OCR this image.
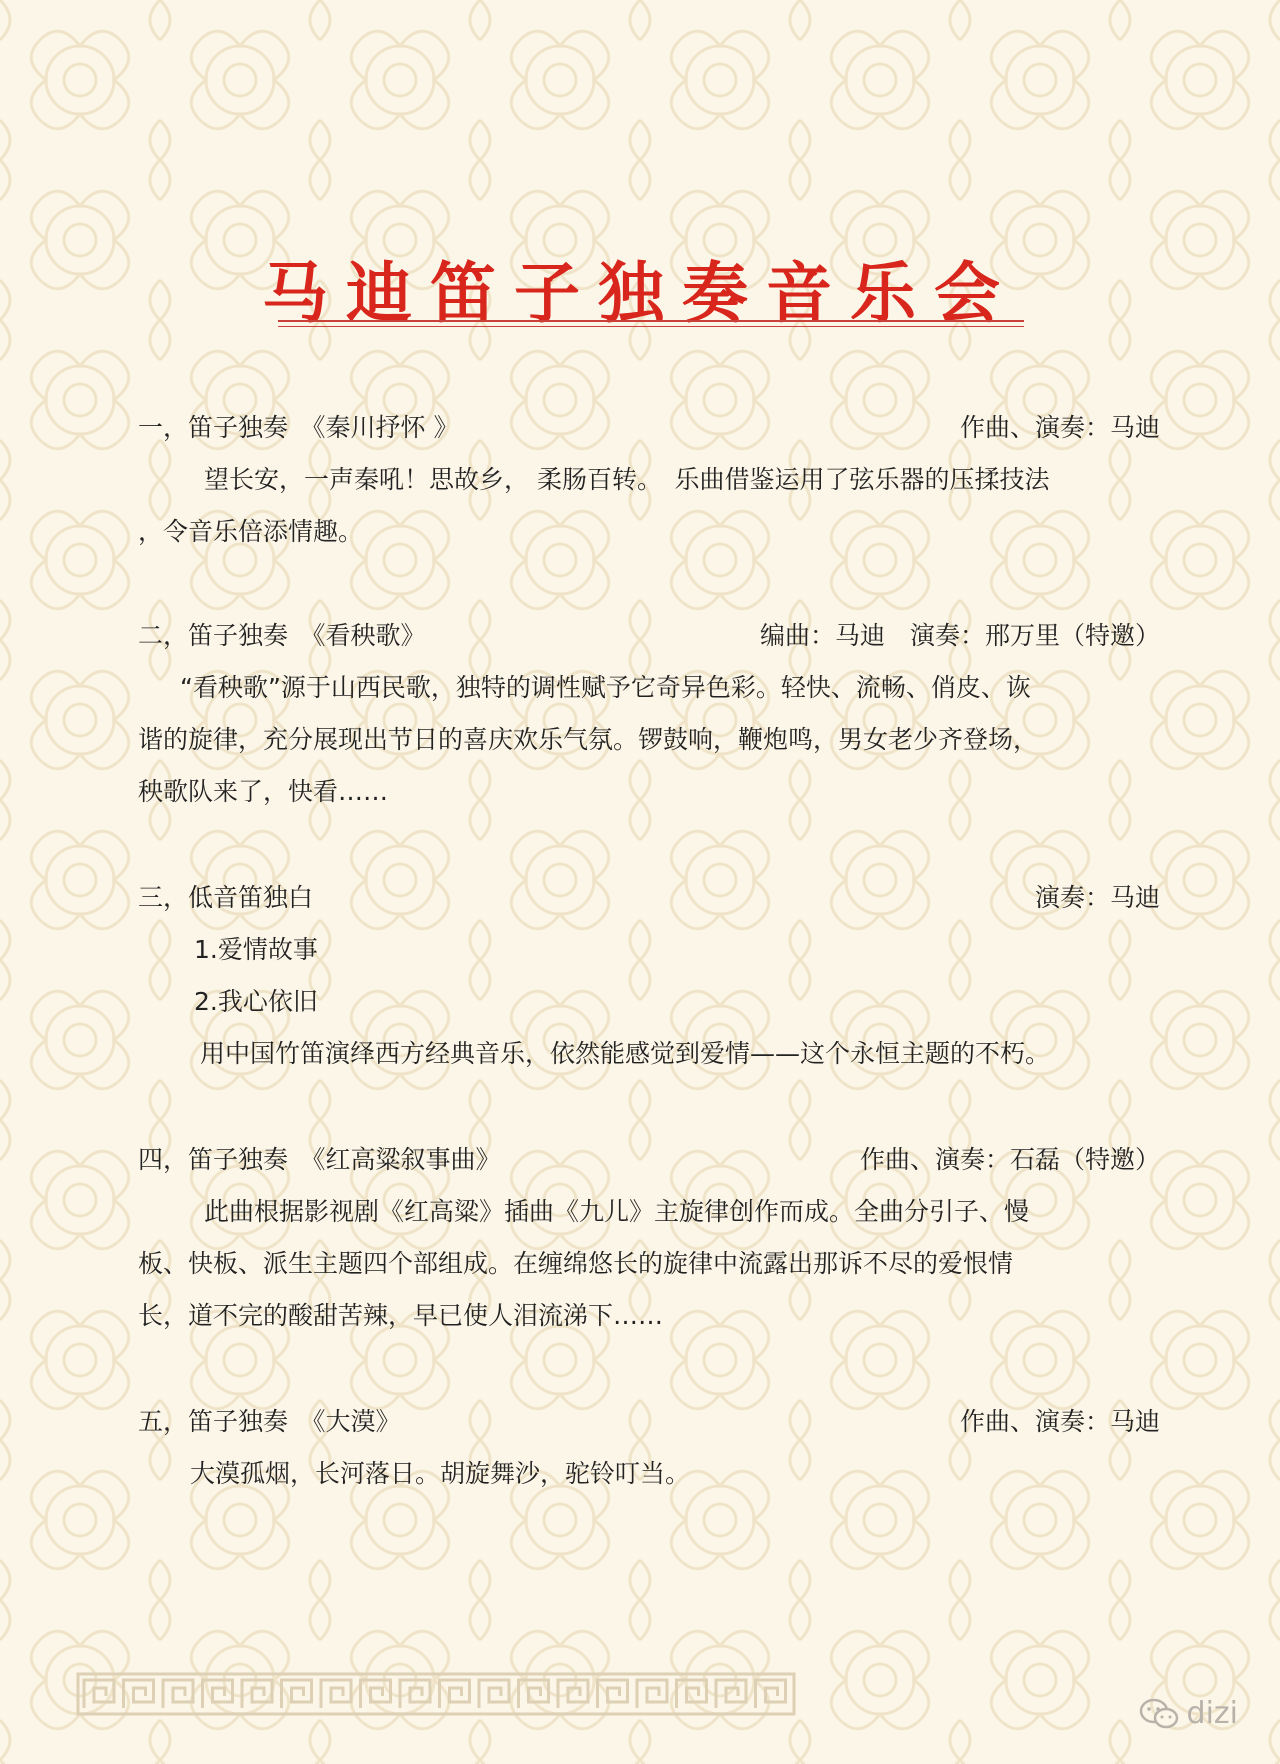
马迪笛子独奏音乐会
一，笛子独奏　《秦川抒怀 》	作曲、演奏：马迪
望长安，一声秦吼！思故乡， 柔肠百转。　乐曲借鉴运用了弦乐器的压揉技法
，令音乐倍添情趣。
二，笛子独奏　《看秧歌》	编曲：马迪　演奏：邢万里（特邀）
“看秧歌”源于山西民歌，独特的调性赋予它奇异色彩。轻快、流畅、俏皮、诙
谐的旋律，充分展现出节日的喜庆欢乐气氛。锣鼓响，鞭炮鸣，男女老少齐登场，
秧歌队来了，快看……
三，低音笛独白	演奏：马迪
1.爱情故事
2.我心依旧
用中国竹笛演绎西方经典音乐，依然能感觉到爱情——这个永恒主题的不朽。
四，笛子独奏　《红高粱叙事曲》	作曲、演奏：石磊（特邀）
此曲根据影视剧《红高粱》插曲《九儿》主旋律创作而成。全曲分引子、慢
板、快板、派生主题四个部组成。在缠绵悠长的旋律中流露出那诉不尽的爱恨情
长，道不完的酸甜苦辣，早已使人泪流涕下……
五，笛子独奏　《大漠》	作曲、演奏：马迪
大漠孤烟，长河落日。胡旋舞沙，驼铃叮当。
dizi
